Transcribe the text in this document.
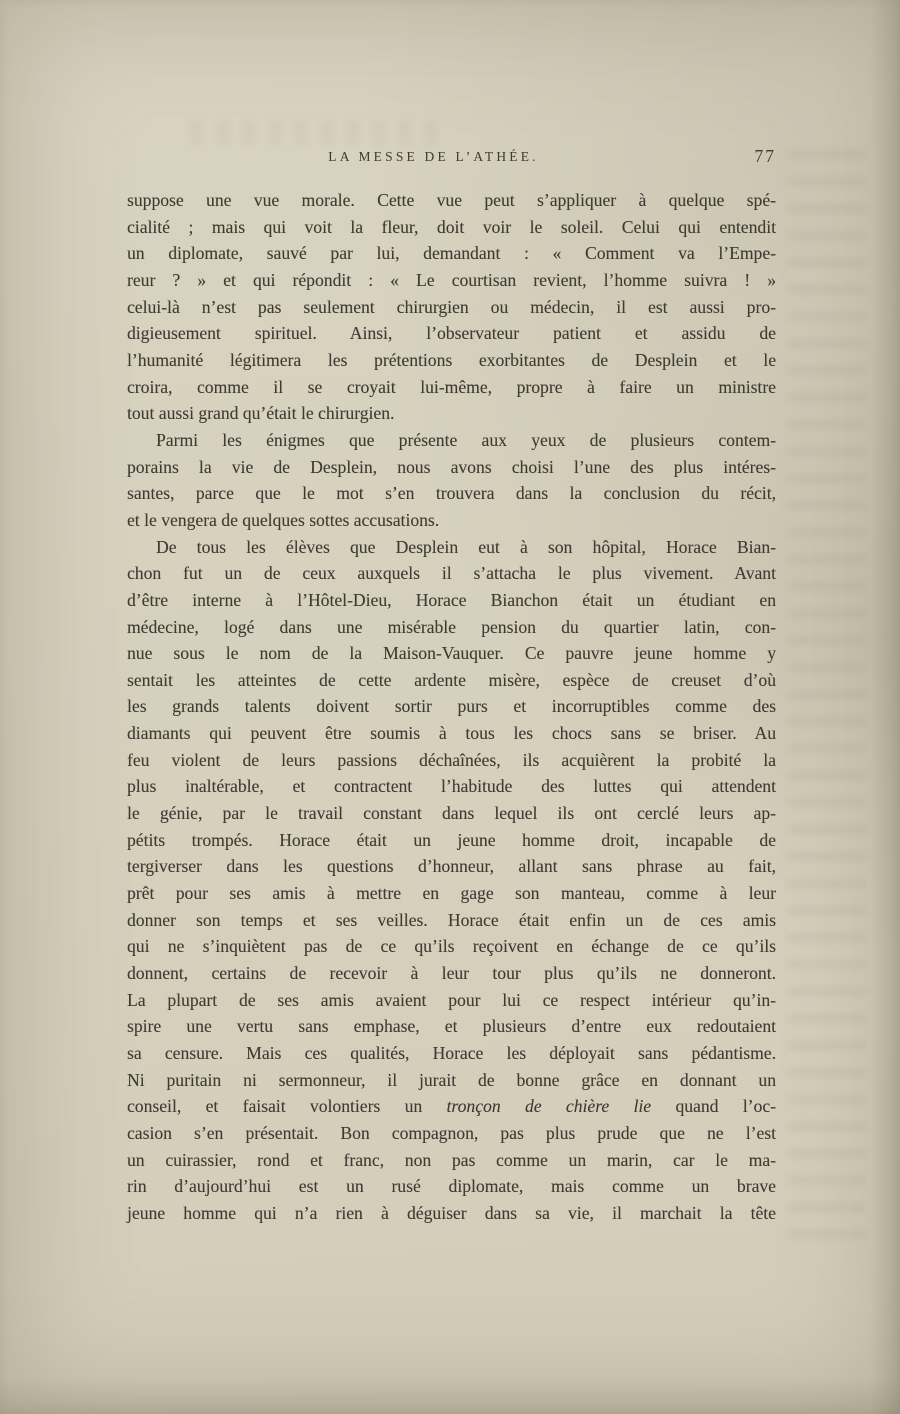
LA MESSE DE L’ATHÉE.	77
suppose une vue morale. Cette vue peut s’appliquer à quelque spé-
cialité ; mais qui voit la fleur, doit voir le soleil. Celui qui entendit
un diplomate, sauvé par lui, demandant : « Comment va l’Empe-
reur ? » et qui répondit : « Le courtisan revient, l’homme suivra ! »
celui-là n’est pas seulement chirurgien ou médecin, il est aussi pro-
digieusement spirituel. Ainsi, l’observateur patient et assidu de
l’humanité légitimera les prétentions exorbitantes de Desplein et le
croira, comme il se croyait lui-même, propre à faire un ministre
tout aussi grand qu’était le chirurgien.
Parmi les énigmes que présente aux yeux de plusieurs contem-
porains la vie de Desplein, nous avons choisi l’une des plus intéres-
santes, parce que le mot s’en trouvera dans la conclusion du récit,
et le vengera de quelques sottes accusations.
De tous les élèves que Desplein eut à son hôpital, Horace Bian-
chon fut un de ceux auxquels il s’attacha le plus vivement. Avant
d’être interne à l’Hôtel-Dieu, Horace Bianchon était un étudiant en
médecine, logé dans une misérable pension du quartier latin, con-
nue sous le nom de la Maison-Vauquer. Ce pauvre jeune homme y
sentait les atteintes de cette ardente misère, espèce de creuset d’où
les grands talents doivent sortir purs et incorruptibles comme des
diamants qui peuvent être soumis à tous les chocs sans se briser. Au
feu violent de leurs passions déchaînées, ils acquièrent la probité la
plus inaltérable, et contractent l’habitude des luttes qui attendent
le génie, par le travail constant dans lequel ils ont cerclé leurs ap-
pétits trompés. Horace était un jeune homme droit, incapable de
tergiverser dans les questions d’honneur, allant sans phrase au fait,
prêt pour ses amis à mettre en gage son manteau, comme à leur
donner son temps et ses veilles. Horace était enfin un de ces amis
qui ne s’inquiètent pas de ce qu’ils reçoivent en échange de ce qu’ils
donnent, certains de recevoir à leur tour plus qu’ils ne donneront.
La plupart de ses amis avaient pour lui ce respect intérieur qu’in-
spire une vertu sans emphase, et plusieurs d’entre eux redoutaient
sa censure. Mais ces qualités, Horace les déployait sans pédantisme.
Ni puritain ni sermonneur, il jurait de bonne grâce en donnant un
conseil, et faisait volontiers un tronçon de chière lie quand l’oc-
casion s’en présentait. Bon compagnon, pas plus prude que ne l’est
un cuirassier, rond et franc, non pas comme un marin, car le ma-
rin d’aujourd’hui est un rusé diplomate, mais comme un brave
jeune homme qui n’a rien à déguiser dans sa vie, il marchait la tête
